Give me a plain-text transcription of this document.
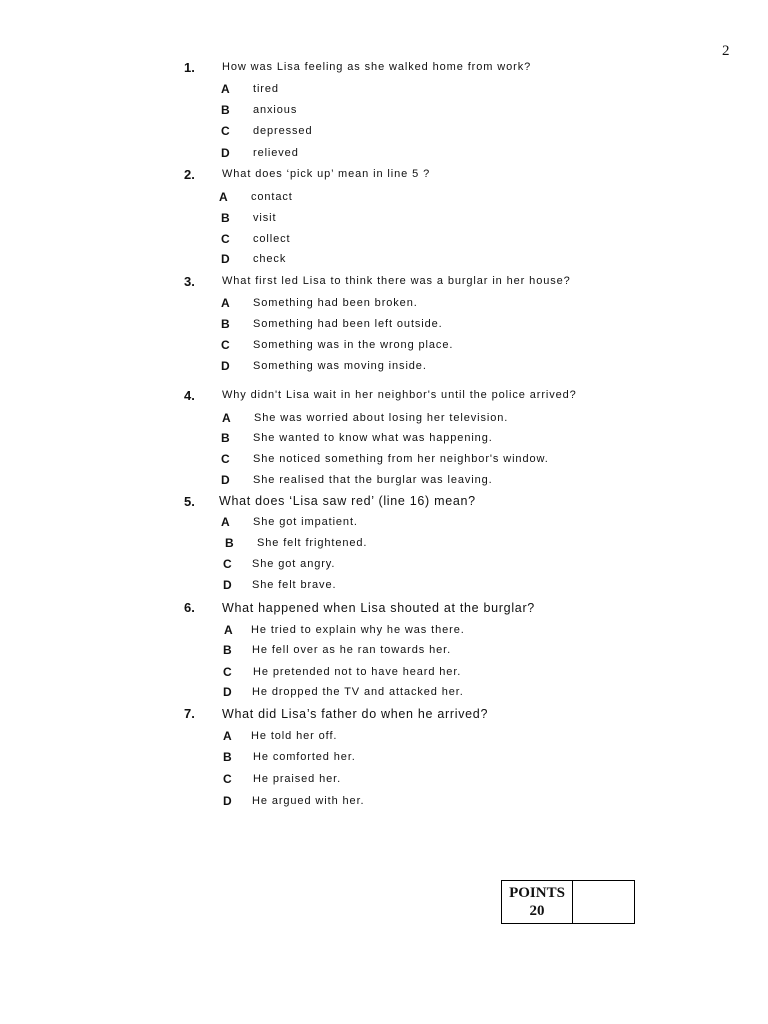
2
1. How was Lisa feeling as she walked home from work?
A tired
B anxious
C depressed
D relieved
2. What does ‘pick up’ mean in line 5 ?
A contact
B visit
C collect
D check
3. What first led Lisa to think there was a burglar in her house?
A Something had been broken.
B Something had been left outside.
C Something was in the wrong place.
D Something was moving inside.
4. Why didn't Lisa wait in her neighbor's until the police arrived?
A She was worried about losing her television.
B She wanted to know what was happening.
C She noticed something from her neighbor's window.
D She realised that the burglar was leaving.
5. What does ‘Lisa saw red’ (line 16) mean?
A She got impatient.
B She felt frightened.
C She got angry.
D She felt brave.
6. What happened when Lisa shouted at the burglar?
A He tried to explain why he was there.
B He fell over as he ran towards her.
C He pretended not to have heard her.
D He dropped the TV and attacked her.
7. What did Lisa’s father do when he arrived?
A He told her off.
B He comforted her.
C He praised her.
D He argued with her.
POINTS
20
